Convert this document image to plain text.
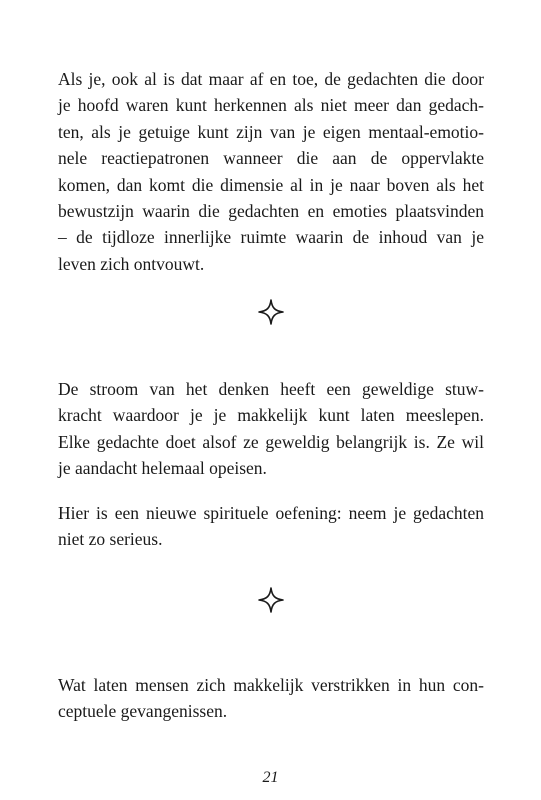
Als je, ook al is dat maar af en toe, de gedachten die door
je hoofd waren kunt herkennen als niet meer dan gedach-
ten, als je getuige kunt zijn van je eigen mentaal-emotio-
nele reactiepatronen wanneer die aan de oppervlakte
komen, dan komt die dimensie al in je naar boven als het
bewustzijn waarin die gedachten en emoties plaatsvinden
– de tijdloze innerlijke ruimte waarin de inhoud van je
leven zich ontvouwt.

De stroom van het denken heeft een geweldige stuw-
kracht waardoor je je makkelijk kunt laten meeslepen.
Elke gedachte doet alsof ze geweldig belangrijk is. Ze wil
je aandacht helemaal opeisen.

Hier is een nieuwe spirituele oefening: neem je gedachten
niet zo serieus.

Wat laten mensen zich makkelijk verstrikken in hun con-
ceptuele gevangenissen.

21
